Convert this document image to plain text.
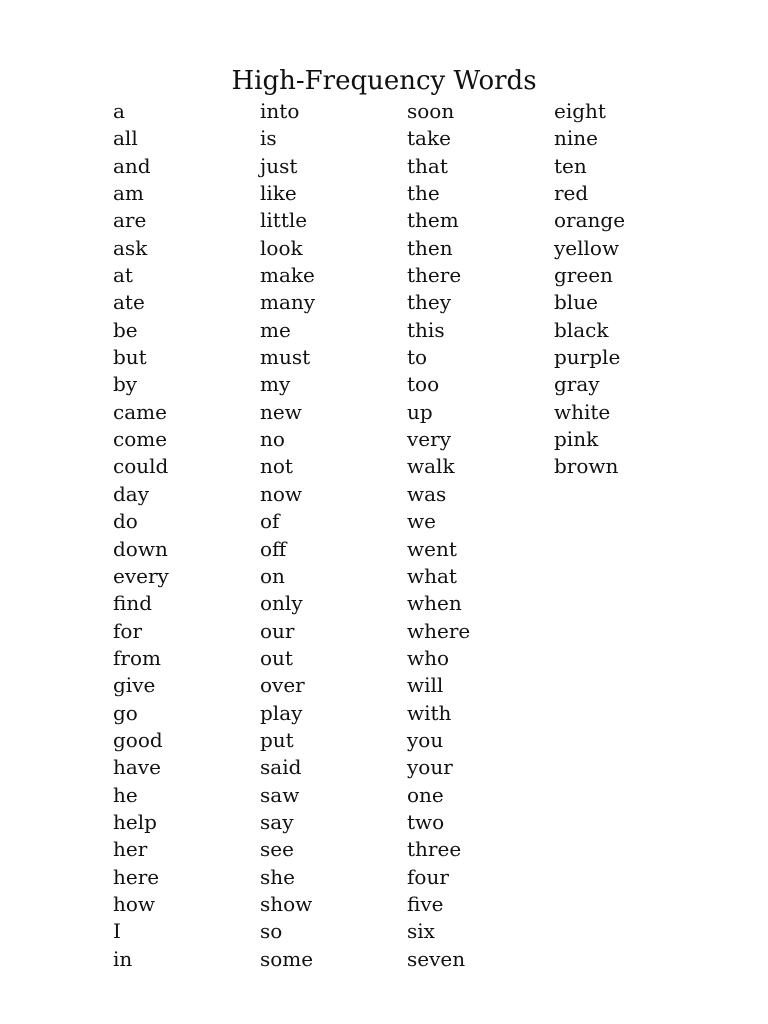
High-Frequency Words
a
all
and
am
are
ask
at
ate
be
but
by
came
come
could
day
do
down
every
find
for
from
give
go
good
have
he
help
her
here
how
I
in
into
is
just
like
little
look
make
many
me
must
my
new
no
not
now
of
off
on
only
our
out
over
play
put
said
saw
say
see
she
show
so
some
soon
take
that
the
them
then
there
they
this
to
too
up
very
walk
was
we
went
what
when
where
who
will
with
you
your
one
two
three
four
five
six
seven
eight
nine
ten
red
orange
yellow
green
blue
black
purple
gray
white
pink
brown
